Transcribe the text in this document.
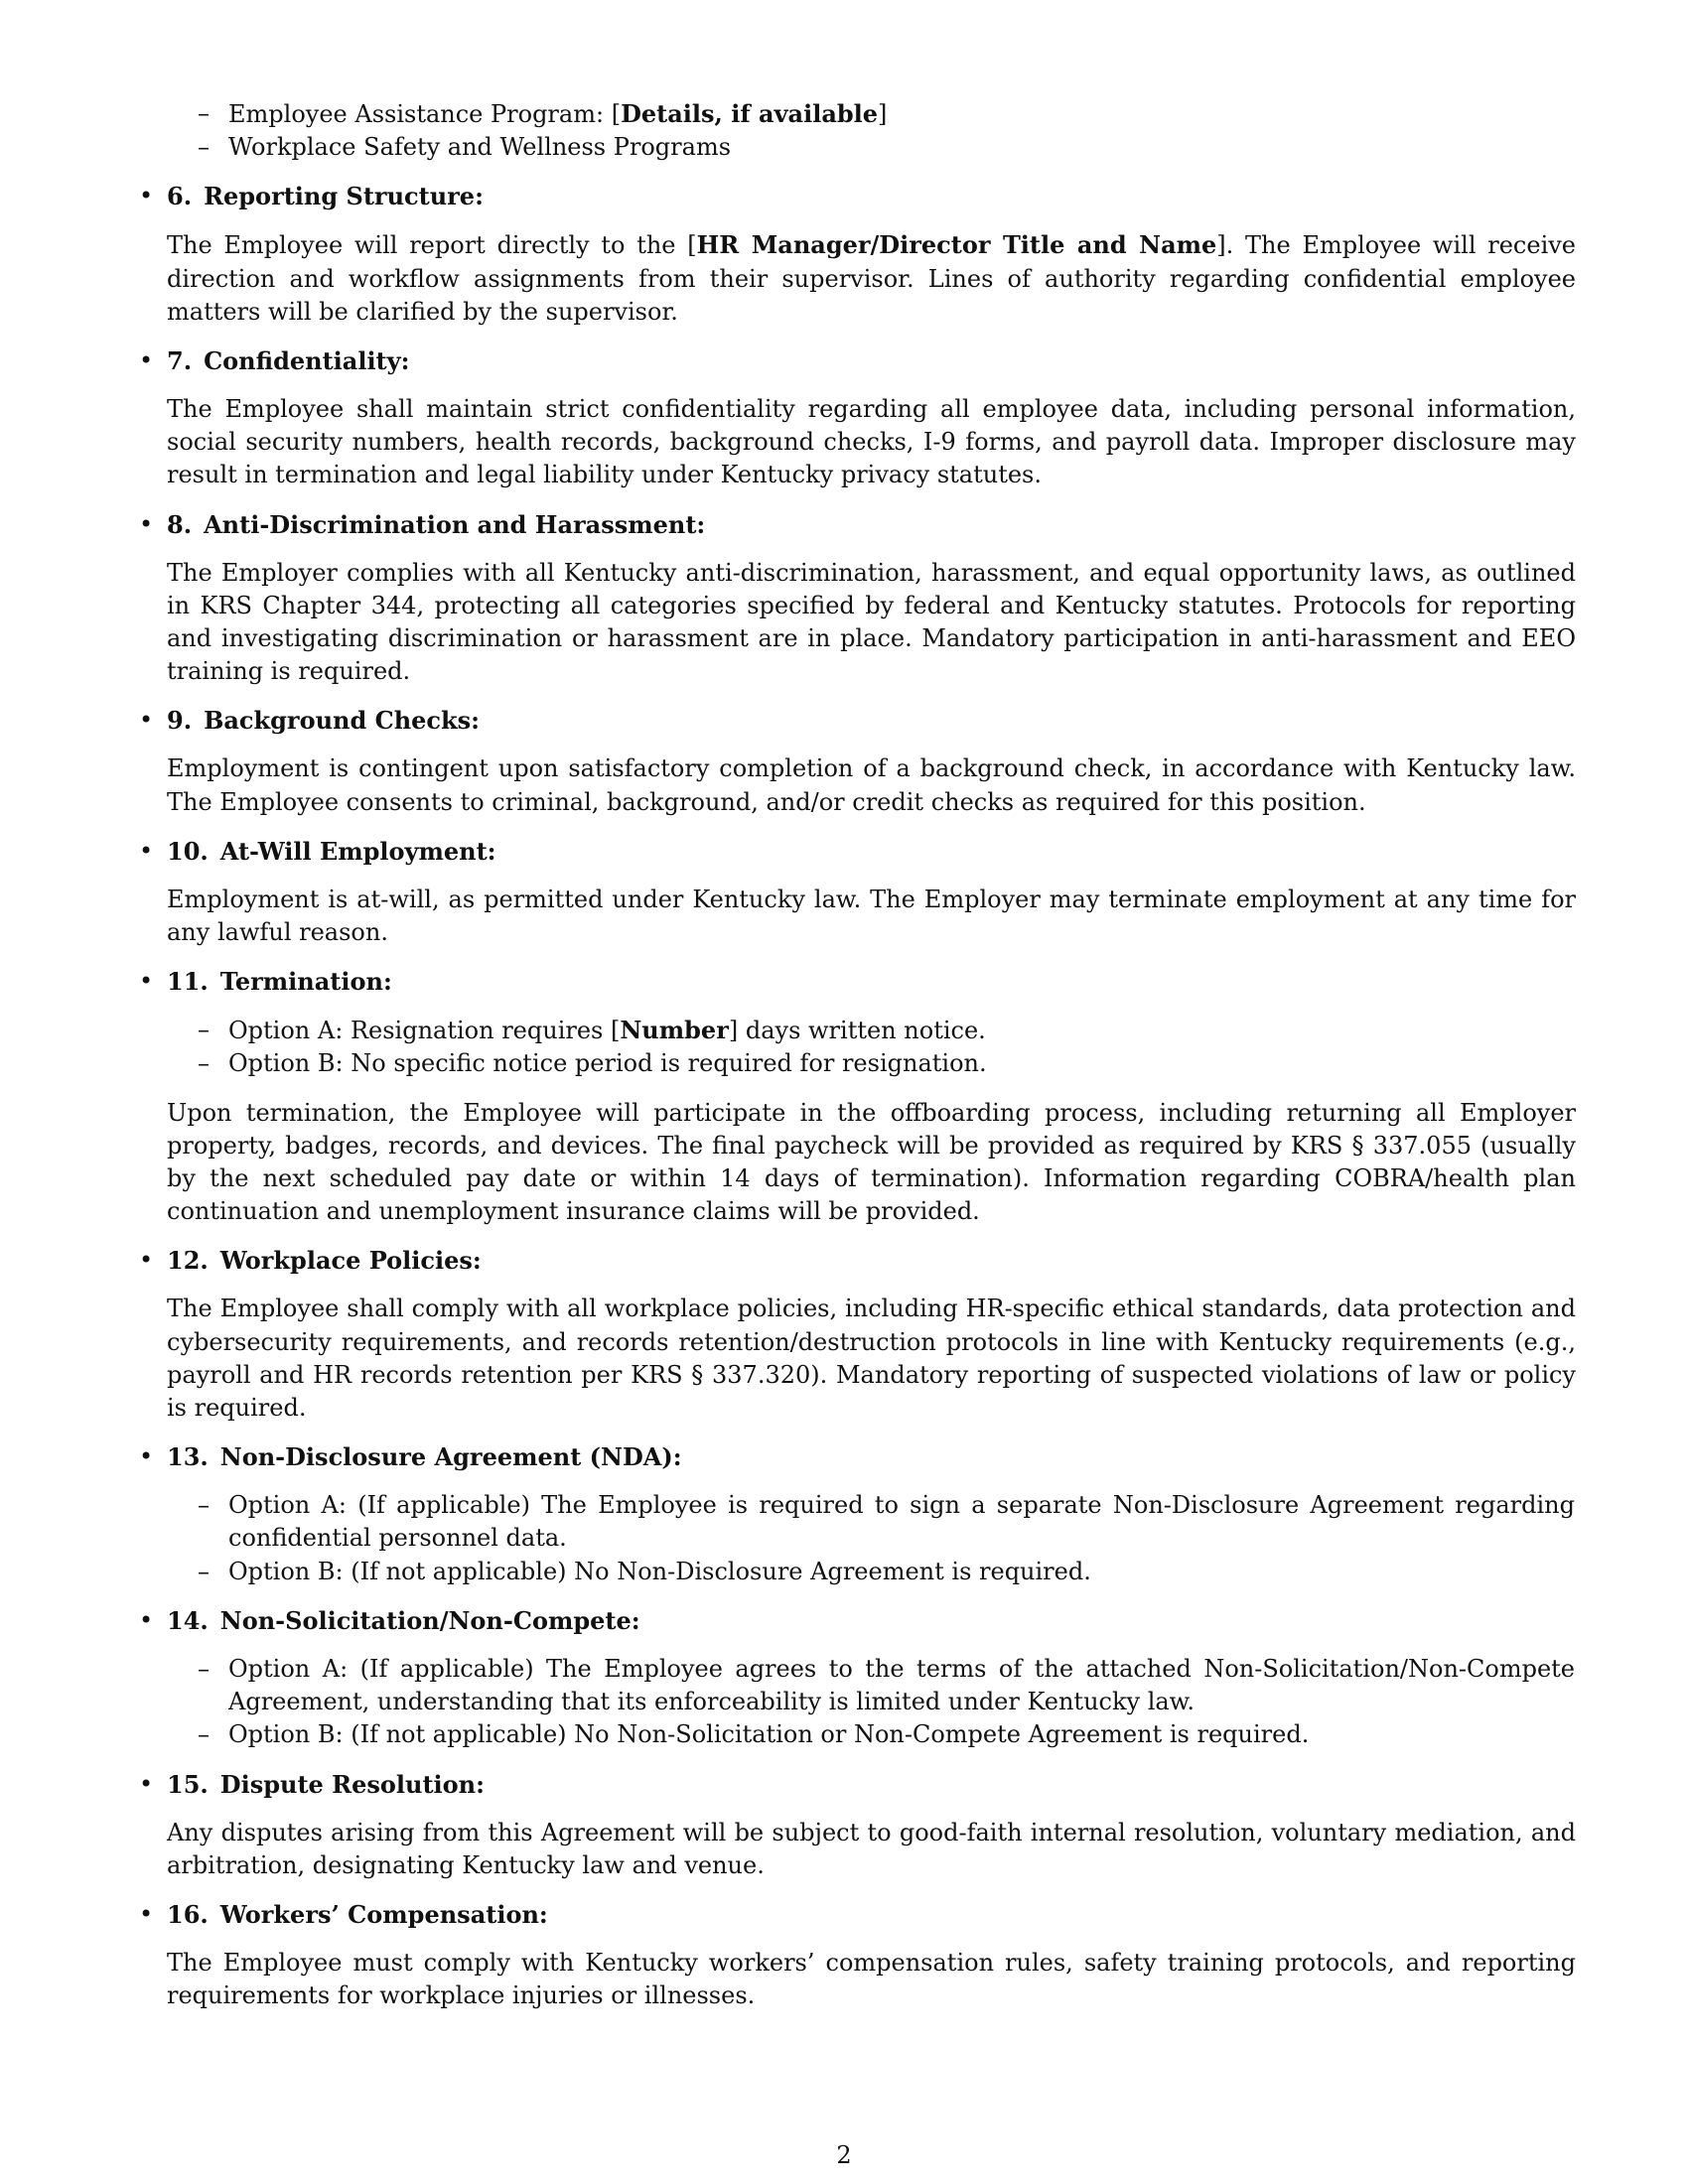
– Employee Assistance Program: [Details, if available]
– Workplace Safety and Wellness Programs
• 6. Reporting Structure:
The Employee will report directly to the [HR Manager/Director Title and Name]. The Employee will receive direction and workflow assignments from their supervisor. Lines of authority regarding confidential employee matters will be clarified by the supervisor.
• 7. Confidentiality:
The Employee shall maintain strict confidentiality regarding all employee data, including personal information, social security numbers, health records, background checks, I-9 forms, and payroll data. Improper disclosure may result in termination and legal liability under Kentucky privacy statutes.
• 8. Anti-Discrimination and Harassment:
The Employer complies with all Kentucky anti-discrimination, harassment, and equal opportunity laws, as outlined in KRS Chapter 344, protecting all categories specified by federal and Kentucky statutes. Protocols for reporting and investigating discrimination or harassment are in place. Mandatory participation in anti-harassment and EEO training is required.
• 9. Background Checks:
Employment is contingent upon satisfactory completion of a background check, in accordance with Kentucky law. The Employee consents to criminal, background, and/or credit checks as required for this position.
• 10. At-Will Employment:
Employment is at-will, as permitted under Kentucky law. The Employer may terminate employment at any time for any lawful reason.
• 11. Termination:
– Option A: Resignation requires [Number] days written notice.
– Option B: No specific notice period is required for resignation.
Upon termination, the Employee will participate in the offboarding process, including returning all Employer property, badges, records, and devices. The final paycheck will be provided as required by KRS § 337.055 (usually by the next scheduled pay date or within 14 days of termination). Information regarding COBRA/health plan continuation and unemployment insurance claims will be provided.
• 12. Workplace Policies:
The Employee shall comply with all workplace policies, including HR-specific ethical standards, data protection and cybersecurity requirements, and records retention/destruction protocols in line with Kentucky requirements (e.g., payroll and HR records retention per KRS § 337.320). Mandatory reporting of suspected violations of law or policy is required.
• 13. Non-Disclosure Agreement (NDA):
– Option A: (If applicable) The Employee is required to sign a separate Non-Disclosure Agreement regarding confidential personnel data.
– Option B: (If not applicable) No Non-Disclosure Agreement is required.
• 14. Non-Solicitation/Non-Compete:
– Option A: (If applicable) The Employee agrees to the terms of the attached Non-Solicitation/Non-Compete Agreement, understanding that its enforceability is limited under Kentucky law.
– Option B: (If not applicable) No Non-Solicitation or Non-Compete Agreement is required.
• 15. Dispute Resolution:
Any disputes arising from this Agreement will be subject to good-faith internal resolution, voluntary mediation, and arbitration, designating Kentucky law and venue.
• 16. Workers’ Compensation:
The Employee must comply with Kentucky workers’ compensation rules, safety training protocols, and reporting requirements for workplace injuries or illnesses.
2
